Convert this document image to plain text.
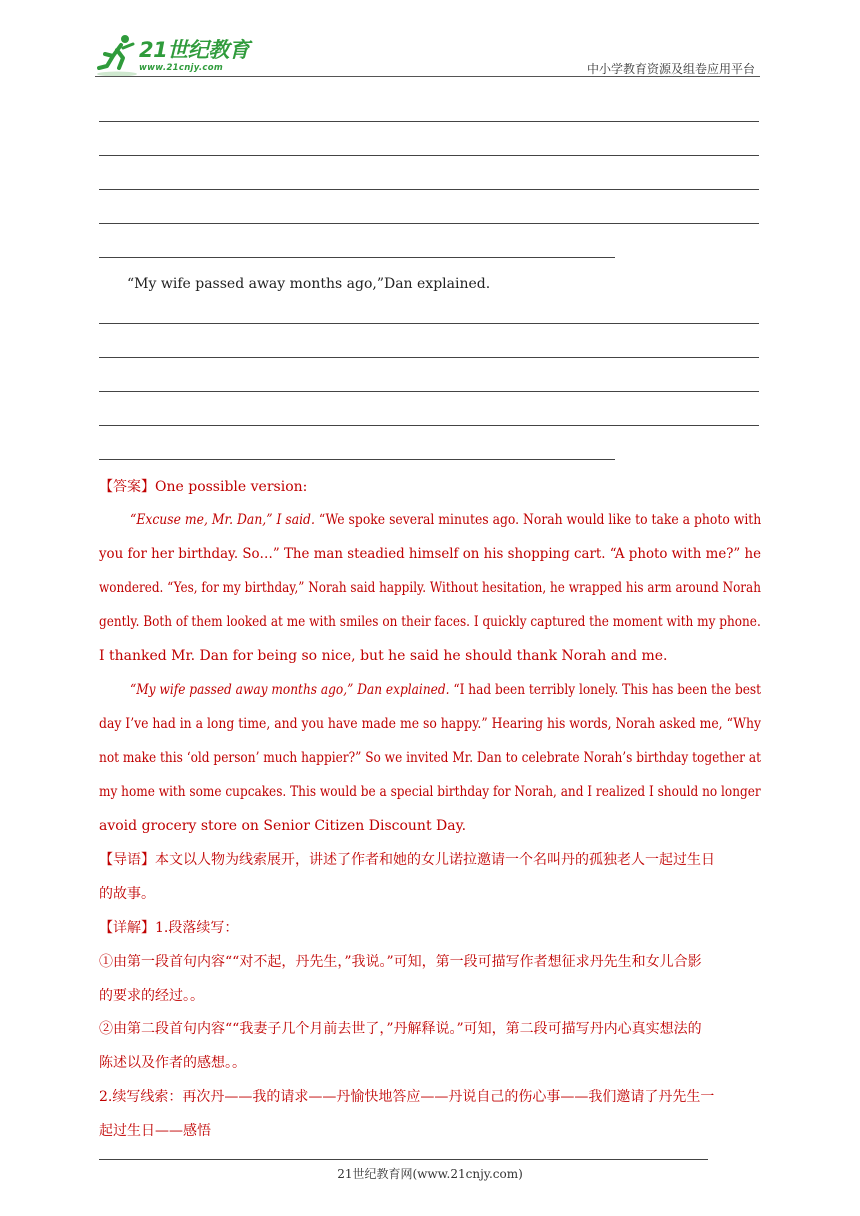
21世纪教育
www.21cnjy.com	中小学教育资源及组卷应用平台
“My wife passed away months ago,”Dan explained.
【答案】One possible version:
“Excuse me, Mr. Dan,” I said. “We spoke several minutes ago. Norah would like to take a photo with
you for her birthday. So…” The man steadied himself on his shopping cart. “A photo with me?” he
wondered. “Yes, for my birthday,” Norah said happily. Without hesitation, he wrapped his arm around Norah
gently. Both of them looked at me with smiles on their faces. I quickly captured the moment with my phone.
I thanked Mr. Dan for being so nice, but he said he should thank Norah and me.
“My wife passed away months ago,” Dan explained. “I had been terribly lonely. This has been the best
day I’ve had in a long time, and you have made me so happy.” Hearing his words, Norah asked me, “Why
not make this ‘old person’ much happier?” So we invited Mr. Dan to celebrate Norah’s birthday together at
my home with some cupcakes. This would be a special birthday for Norah, and I realized I should no longer
avoid grocery store on Senior Citizen Discount Day.
【导语】本文以人物为线索展开，讲述了作者和她的女儿诺拉邀请一个名叫丹的孤独老人一起过生日
的故事。
【详解】1.段落续写：
①由第一段首句内容““对不起，丹先生，”我说。”可知，第一段可描写作者想征求丹先生和女儿合影
的要求的经过。。
②由第二段首句内容““我妻子几个月前去世了，”丹解释说。”可知，第二段可描写丹内心真实想法的
陈述以及作者的感想。。
2.续写线索：再次丹——我的请求——丹愉快地答应——丹说自己的伤心事——我们邀请了丹先生一
起过生日——感悟
21世纪教育网(www.21cnjy.com)
